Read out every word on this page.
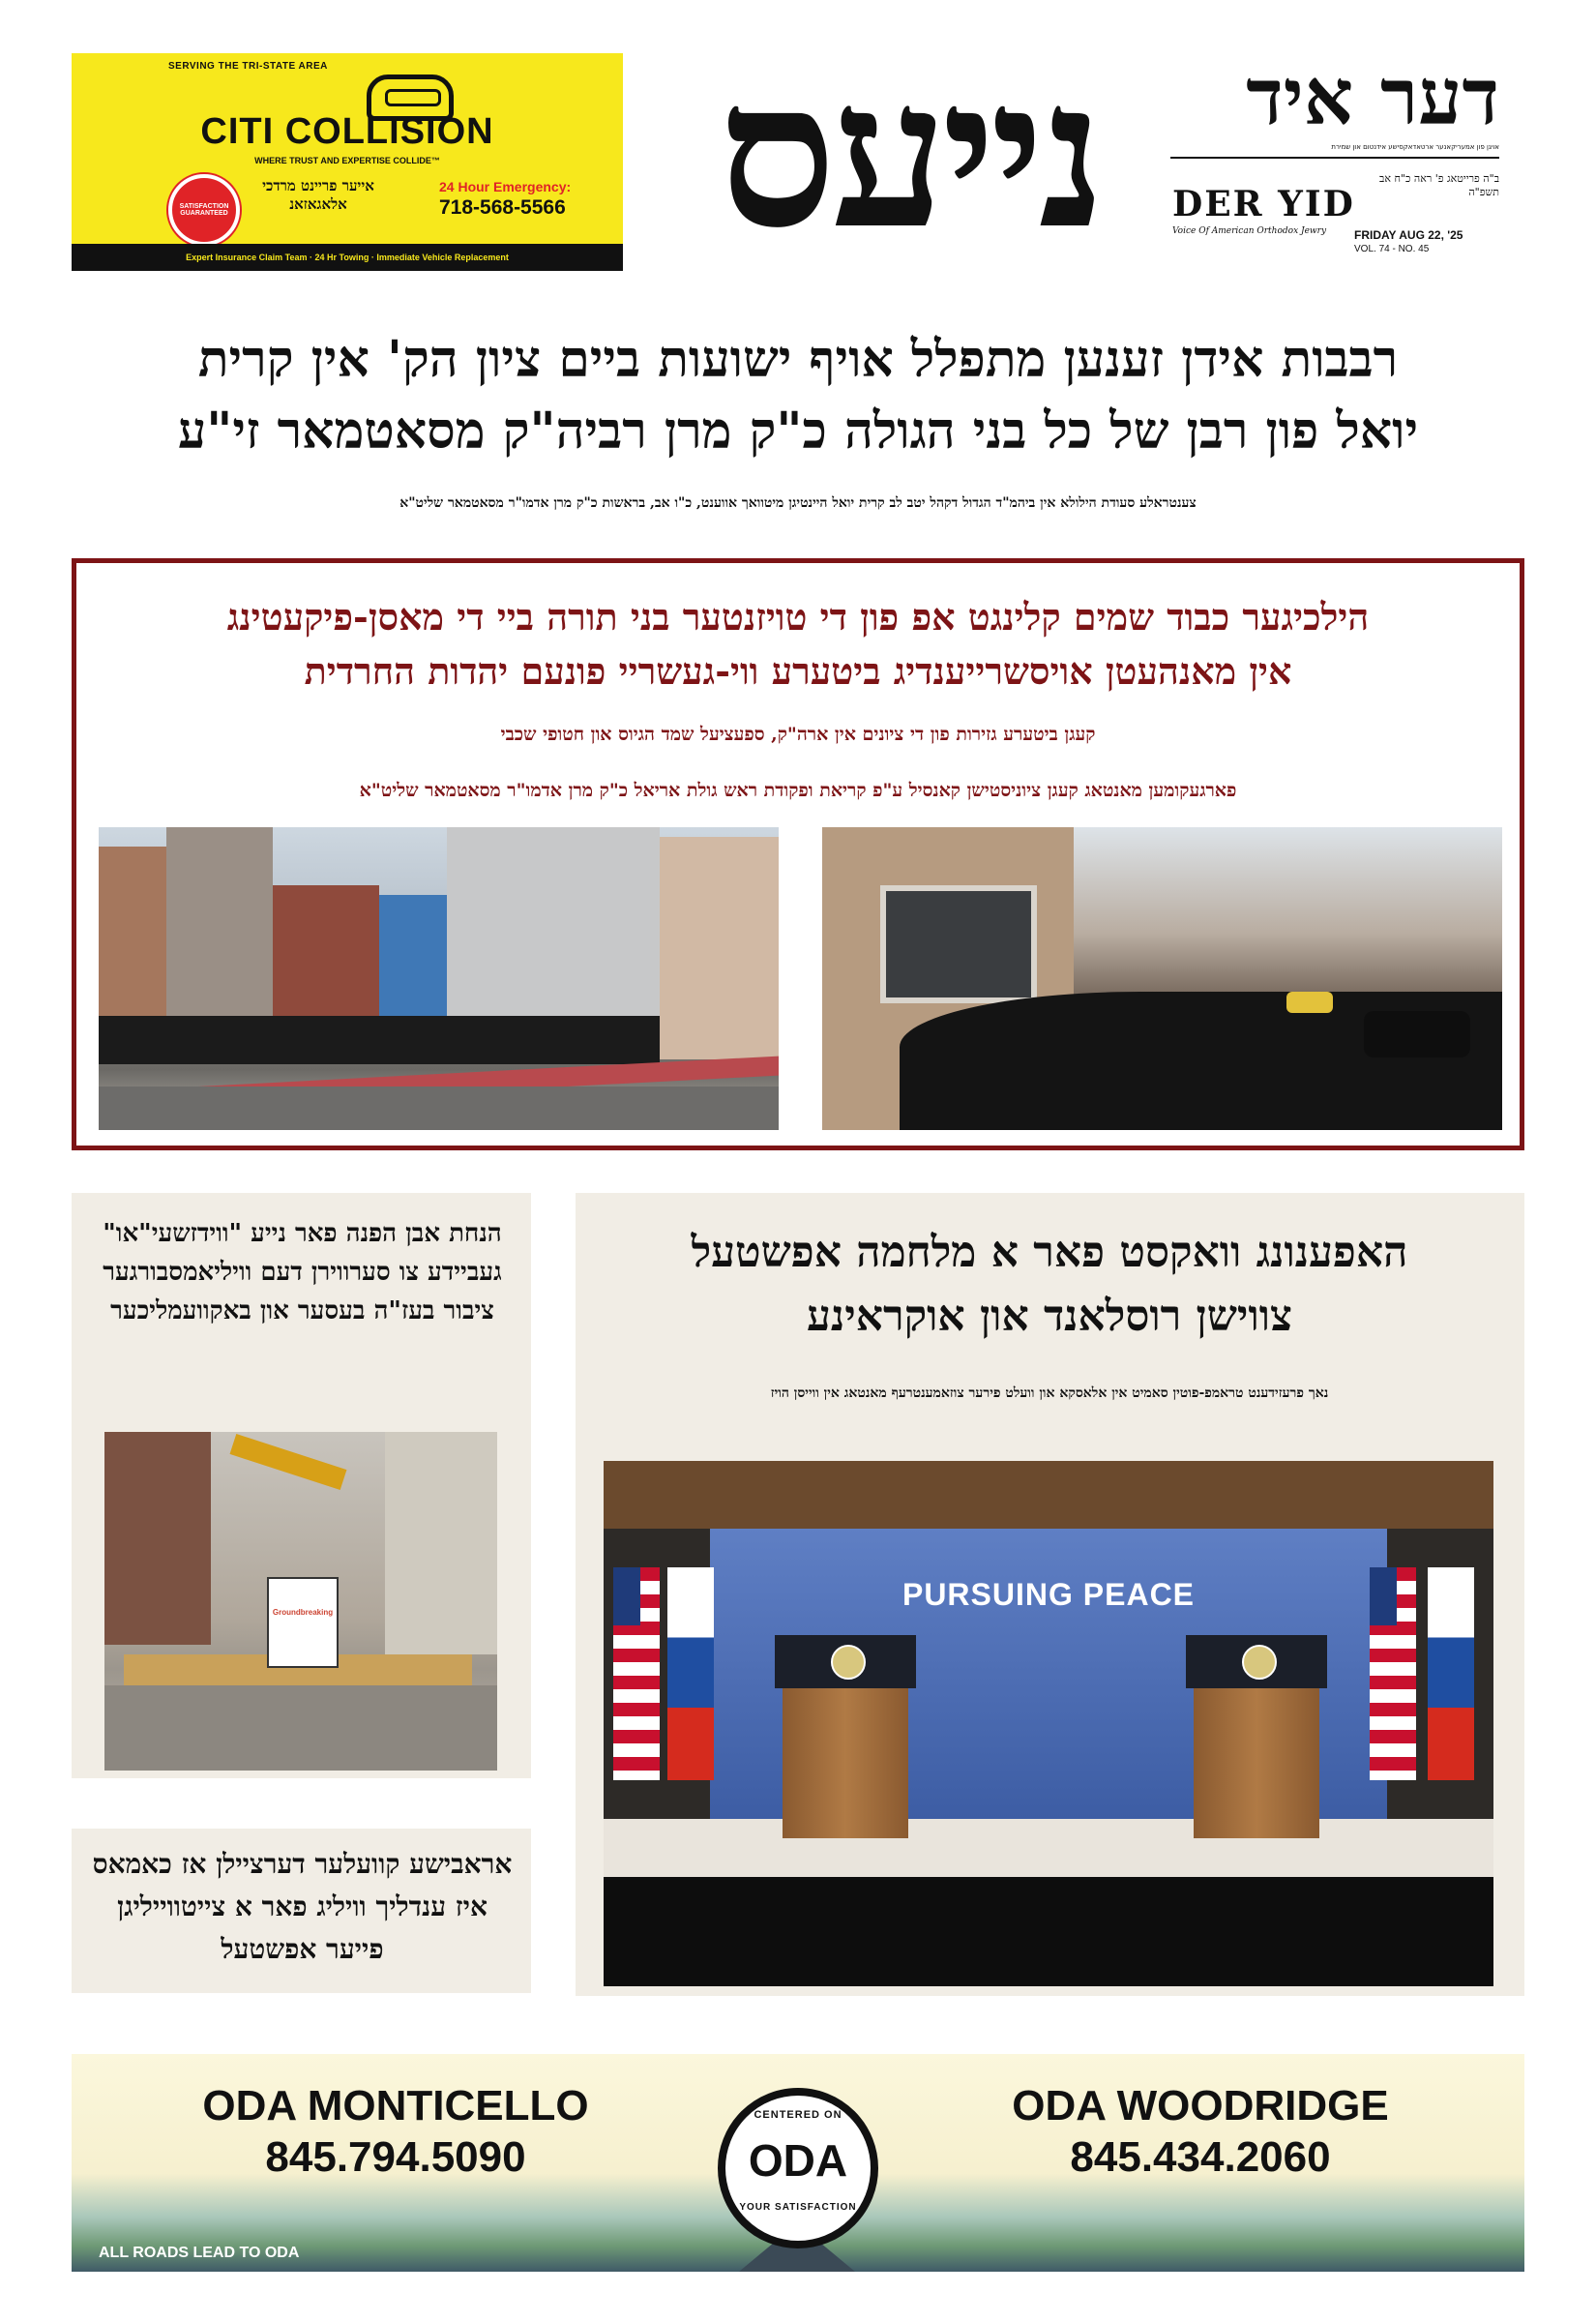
SERVING THE TRI-STATE AREA
CITI COLLISION
WHERE TRUST AND EXPERTISE COLLIDE™
SATISFACTION GUARANTEED
אייער פריינט מרדכי אלאגאזאנ
24 Hour Emergency:
718-568-5566
Expert Insurance Claim Team · 24 Hr Towing · Immediate Vehicle Replacement	נייעס	דער איד
אויגן פון אמעריקאנער ארטאדאקסישע אידנטום און שמירת
DER YID
Voice Of American Orthodox Jewry
ב"ה פרייטאג פ' ראה כ"ח אב תשפ"ה
FRIDAY AUG 22, '25
VOL. 74 - NO. 45
רבבות אידן זענען מתפלל אויף ישועות ביים ציון הק' אין קרית
יואל פון רבן של כל בני הגולה כ"ק מרן רביה"ק מסאטמאר זי"ע
צענטראלע סעודת הילולא אין ביהמ"ד הגדול דקהל יטב לב קרית יואל היינטיגן מיטוואך אווענט, כ"ו אב, בראשות כ"ק מרן אדמו"ר מסאטמאר שליט"א
הילכיגער כבוד שמים קלינגט אפ פון די טויזנטער בני תורה ביי די מאסן-פיקעטינג
אין מאנהעטן אויסשרייענדיג ביטערע ווי-געשריי פונעם יהדות החרדית
קעגן ביטערע גזירות פון די ציונים אין ארה"ק, ספעציעל שמד הגיוס און חטופי שכבי
פארגעקומען מאנטאג קעגן ציוניסטישן קאנסיל ע"פ קריאת ופקודת ראש גולת אריאל כ"ק מרן אדמו"ר מסאטמאר שליט"א
הנחת אבן הפנה פאר נייע "ווידזשעי"או" געביידע צו סערווירן דעם וויליאמסבורגער ציבור בעז"ה בעסער און באקוועמליכער
Groundbreaking
אראבישע קוועלער דערציילן אז כאמאס איז ענדליך וויליג פאר א צייטווייליגן פייער אפשטעל
האפענונג וואקסט פאר א מלחמה אפשטעל
צווישן רוסלאנד און אוקראינע
נאך פרעזידענט טראמפ-פוטין סאמיט אין אלאסקא און וועלט פירער צוזאמענטרעף מאנטאג אין ווייסן הויז
PURSUING PEACE
ODA MONTICELLO
845.794.5090
ODA WOODRIDGE
845.434.2060
CENTERED ON
ODA
YOUR SATISFACTION
ALL ROADS LEAD TO ODA
